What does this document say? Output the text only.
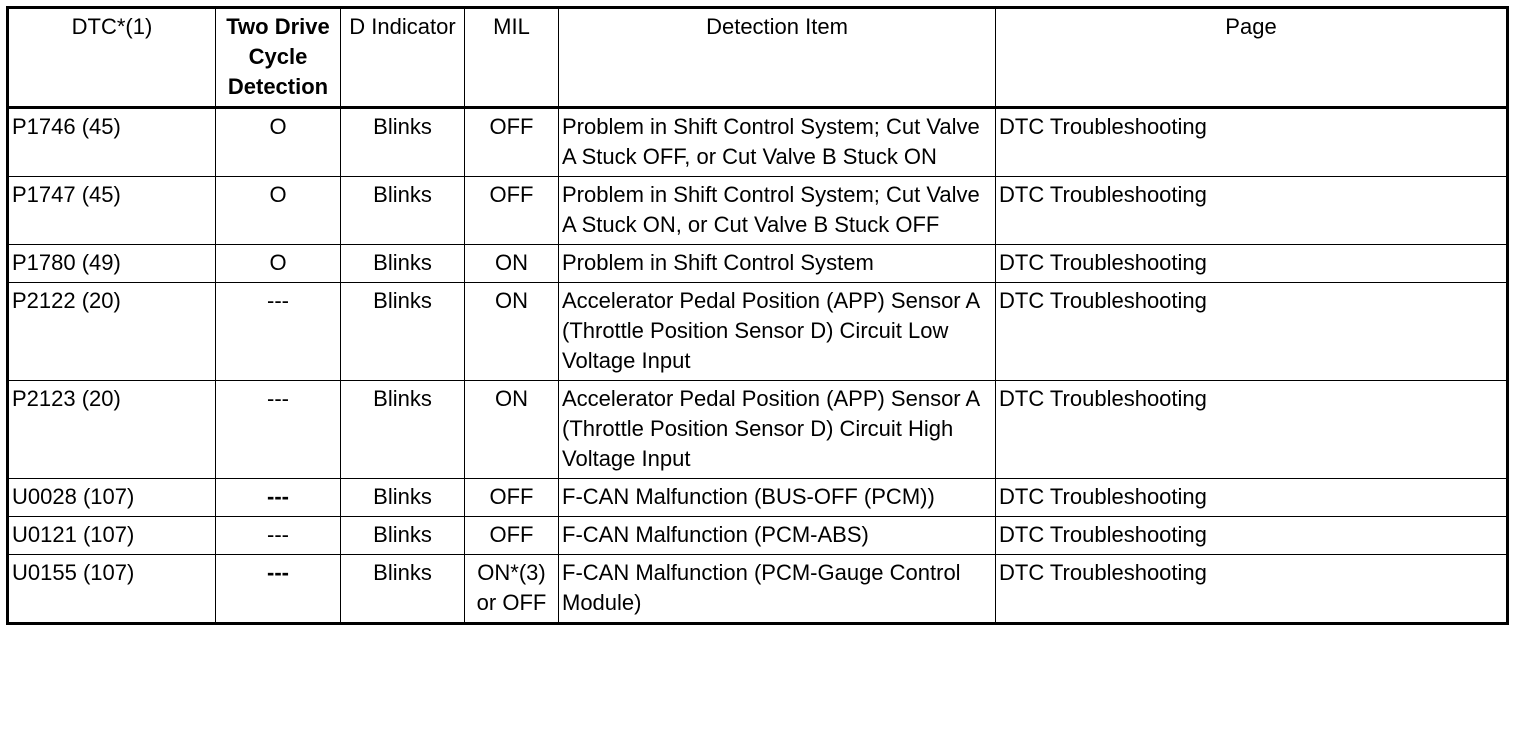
DTC*(1)	Two Drive Cycle Detection	D Indicator	MIL	Detection Item	Page
P1746 (45)	O	Blinks	OFF	Problem in Shift Control System; Cut Valve A Stuck OFF, or Cut Valve B Stuck ON	DTC Troubleshooting
P1747 (45)	O	Blinks	OFF	Problem in Shift Control System; Cut Valve A Stuck ON, or Cut Valve B Stuck OFF	DTC Troubleshooting
P1780 (49)	O	Blinks	ON	Problem in Shift Control System	DTC Troubleshooting
P2122 (20)	---	Blinks	ON	Accelerator Pedal Position (APP) Sensor A (Throttle Position Sensor D) Circuit Low Voltage Input	DTC Troubleshooting
P2123 (20)	---	Blinks	ON	Accelerator Pedal Position (APP) Sensor A (Throttle Position Sensor D) Circuit High Voltage Input	DTC Troubleshooting
U0028 (107)	---	Blinks	OFF	F-CAN Malfunction (BUS-OFF (PCM))	DTC Troubleshooting
U0121 (107)	---	Blinks	OFF	F-CAN Malfunction (PCM-ABS)	DTC Troubleshooting
U0155 (107)	---	Blinks	ON*(3) or OFF	F-CAN Malfunction (PCM-Gauge Control Module)	DTC Troubleshooting
